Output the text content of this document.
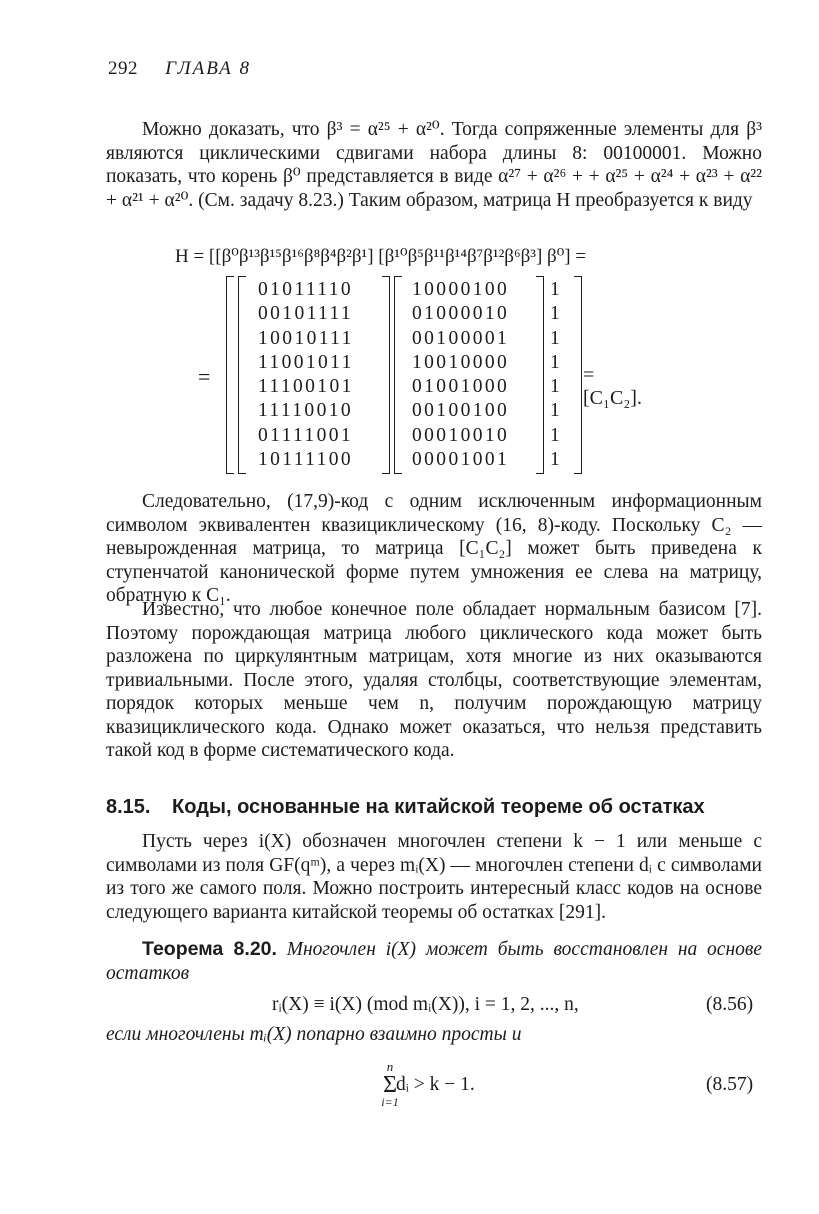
292 ГЛАВА 8

Можно доказать, что β³ = α²⁵ + α²⁰. Тогда сопряженные элементы для β³ являются циклическими сдвигами набора длины 8: 00100001. Можно показать, что корень β⁰ представляется в виде α²⁷ + α²⁶ + + α²⁵ + α²⁴ + α²³ + α²² + α²¹ + α²⁰. (См. задачу 8.23.) Таким образом, матрица H преобразуется к виду

H = [[β⁰β¹³β¹⁵β¹⁶β⁸β⁴β²β¹] [β¹⁰β⁵β¹¹β¹⁴β⁷β¹²β⁶β³] β⁰] =
=
01011110
00101111
10010111
11001011
11100101
11110010
01111001
10111100
10000100
01000010
00100001
10010000
01001000
00100100
00010010
00001001
1
1
1
1
1
1
1
1
= [C₁C₂].

Следовательно, (17,9)-код с одним исключенным информационным символом эквивалентен квазициклическому (16, 8)-коду. Поскольку C₂ — невырожденная матрица, то матрица [C₁C₂] может быть приведена к ступенчатой канонической форме путем умножения ее слева на матрицу, обратную к C₁.

Известно, что любое конечное поле обладает нормальным базисом [7]. Поэтому порождающая матрица любого циклического кода может быть разложена по циркулянтным матрицам, хотя многие из них оказываются тривиальными. После этого, удаляя столбцы, соответствующие элементам, порядок которых меньше чем n, получим порождающую матрицу квазициклического кода. Однако может оказаться, что нельзя представить такой код в форме систематического кода.

8.15. Коды, основанные на китайской теореме об остатках

Пусть через i(X) обозначен многочлен степени k − 1 или меньше с символами из поля GF(qᵐ), а через mᵢ(X) — многочлен степени dᵢ с символами из того же самого поля. Можно построить интересный класс кодов на основе следующего варианта китайской теоремы об остатках [291].

Теорема 8.20. Многочлен i(X) может быть восстановлен на основе остатков

rᵢ(X) ≡ i(X) (mod mᵢ(X)), i = 1, 2, ..., n,	(8.56)
если многочлены mᵢ(X) попарно взаимно просты и
n
Σ
i=1
dᵢ > k − 1.	(8.57)
